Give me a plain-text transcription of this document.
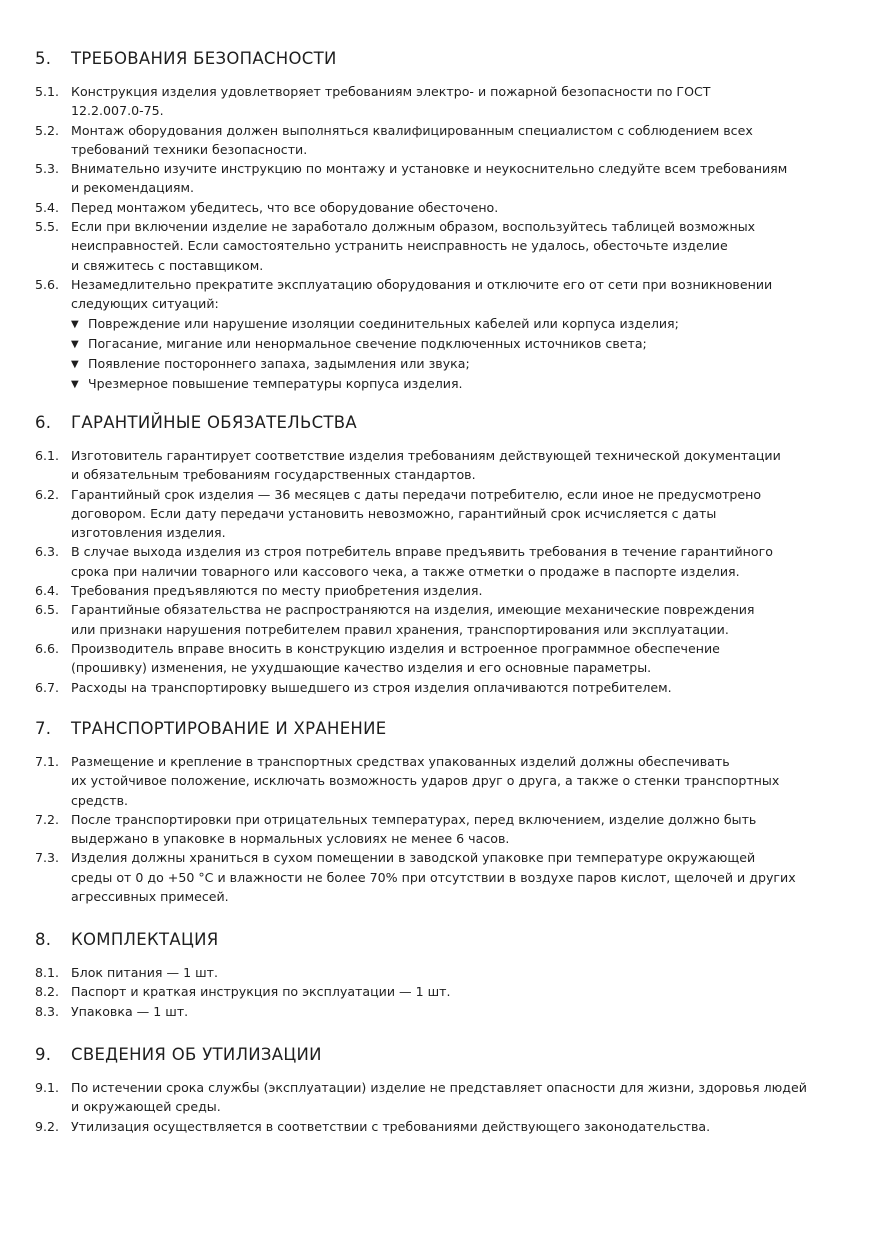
5. ТРЕБОВАНИЯ БЕЗОПАСНОСТИ
5.1. Конструкция изделия удовлетворяет требованиям электро- и пожарной безопасности по ГОСТ
12.2.007.0-75.
5.2. Монтаж оборудования должен выполняться квалифицированным специалистом с соблюдением всех
требований техники безопасности.
5.3. Внимательно изучите инструкцию по монтажу и установке и неукоснительно следуйте всем требованиям
и рекомендациям.
5.4. Перед монтажом убедитесь, что все оборудование обесточено.
5.5. Если при включении изделие не заработало должным образом, воспользуйтесь таблицей возможных
неисправностей. Если самостоятельно устранить неисправность не удалось, обесточьте изделие
и свяжитесь с поставщиком.
5.6. Незамедлительно прекратите эксплуатацию оборудования и отключите его от сети при возникновении
следующих ситуаций:
▼ Повреждение или нарушение изоляции соединительных кабелей или корпуса изделия;
▼ Погасание, мигание или ненормальное свечение подключенных источников света;
▼ Появление постороннего запаха, задымления или звука;
▼ Чрезмерное повышение температуры корпуса изделия.
6. ГАРАНТИЙНЫЕ ОБЯЗАТЕЛЬСТВА
6.1. Изготовитель гарантирует соответствие изделия требованиям действующей технической документации
и обязательным требованиям государственных стандартов.
6.2. Гарантийный срок изделия — 36 месяцев с даты передачи потребителю, если иное не предусмотрено
договором. Если дату передачи установить невозможно, гарантийный срок исчисляется с даты
изготовления изделия.
6.3. В случае выхода изделия из строя потребитель вправе предъявить требования в течение гарантийного
срока при наличии товарного или кассового чека, а также отметки о продаже в паспорте изделия.
6.4. Требования предъявляются по месту приобретения изделия.
6.5. Гарантийные обязательства не распространяются на изделия, имеющие механические повреждения
или признаки нарушения потребителем правил хранения, транспортирования или эксплуатации.
6.6. Производитель вправе вносить в конструкцию изделия и встроенное программное обеспечение
(прошивку) изменения, не ухудшающие качество изделия и его основные параметры.
6.7. Расходы на транспортировку вышедшего из строя изделия оплачиваются потребителем.
7. ТРАНСПОРТИРОВАНИЕ И ХРАНЕНИЕ
7.1. Размещение и крепление в транспортных средствах упакованных изделий должны обеспечивать
их устойчивое положение, исключать возможность ударов друг о друга, а также о стенки транспортных
средств.
7.2. После транспортировки при отрицательных температурах, перед включением, изделие должно быть
выдержано в упаковке в нормальных условиях не менее 6 часов.
7.3. Изделия должны храниться в сухом помещении в заводской упаковке при температуре окружающей
среды от 0 до +50 °С и влажности не более 70% при отсутствии в воздухе паров кислот, щелочей и других
агрессивных примесей.
8. КОМПЛЕКТАЦИЯ
8.1. Блок питания — 1 шт.
8.2. Паспорт и краткая инструкция по эксплуатации — 1 шт.
8.3. Упаковка — 1 шт.
9. СВЕДЕНИЯ ОБ УТИЛИЗАЦИИ
9.1. По истечении срока службы (эксплуатации) изделие не представляет опасности для жизни, здоровья людей
и окружающей среды.
9.2. Утилизация осуществляется в соответствии с требованиями действующего законодательства.
